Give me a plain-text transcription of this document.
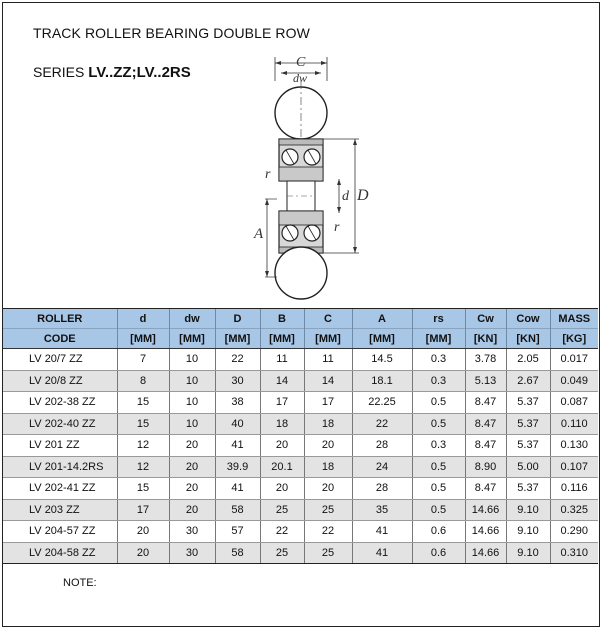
TRACK ROLLER BEARING DOUBLE ROW
SERIES LV..ZZ;LV..2RS
C
dw
r
r
d D
A
ROLLER	d	dw	D	B	C	A	rs	Cw	Cow	MASS
CODE	[MM]	[MM]	[MM]	[MM]	[MM]	[MM]	[MM]	[KN]	[KN]	[KG]
LV 20/7 ZZ	7	10	22	11	11	14.5	0.3	3.78	2.05	0.017
LV 20/8 ZZ	8	10	30	14	14	18.1	0.3	5.13	2.67	0.049
LV 202-38 ZZ	15	10	38	17	17	22.25	0.5	8.47	5.37	0.087
LV 202-40 ZZ	15	10	40	18	18	22	0.5	8.47	5.37	0.110
LV 201 ZZ	12	20	41	20	20	28	0.3	8.47	5.37	0.130
LV 201-14.2RS	12	20	39.9	20.1	18	24	0.5	8.90	5.00	0.107
LV 202-41 ZZ	15	20	41	20	20	28	0.5	8.47	5.37	0.116
LV 203 ZZ	17	20	58	25	25	35	0.5	14.66	9.10	0.325
LV 204-57 ZZ	20	30	57	22	22	41	0.6	14.66	9.10	0.290
LV 204-58 ZZ	20	30	58	25	25	41	0.6	14.66	9.10	0.310
NOTE:
